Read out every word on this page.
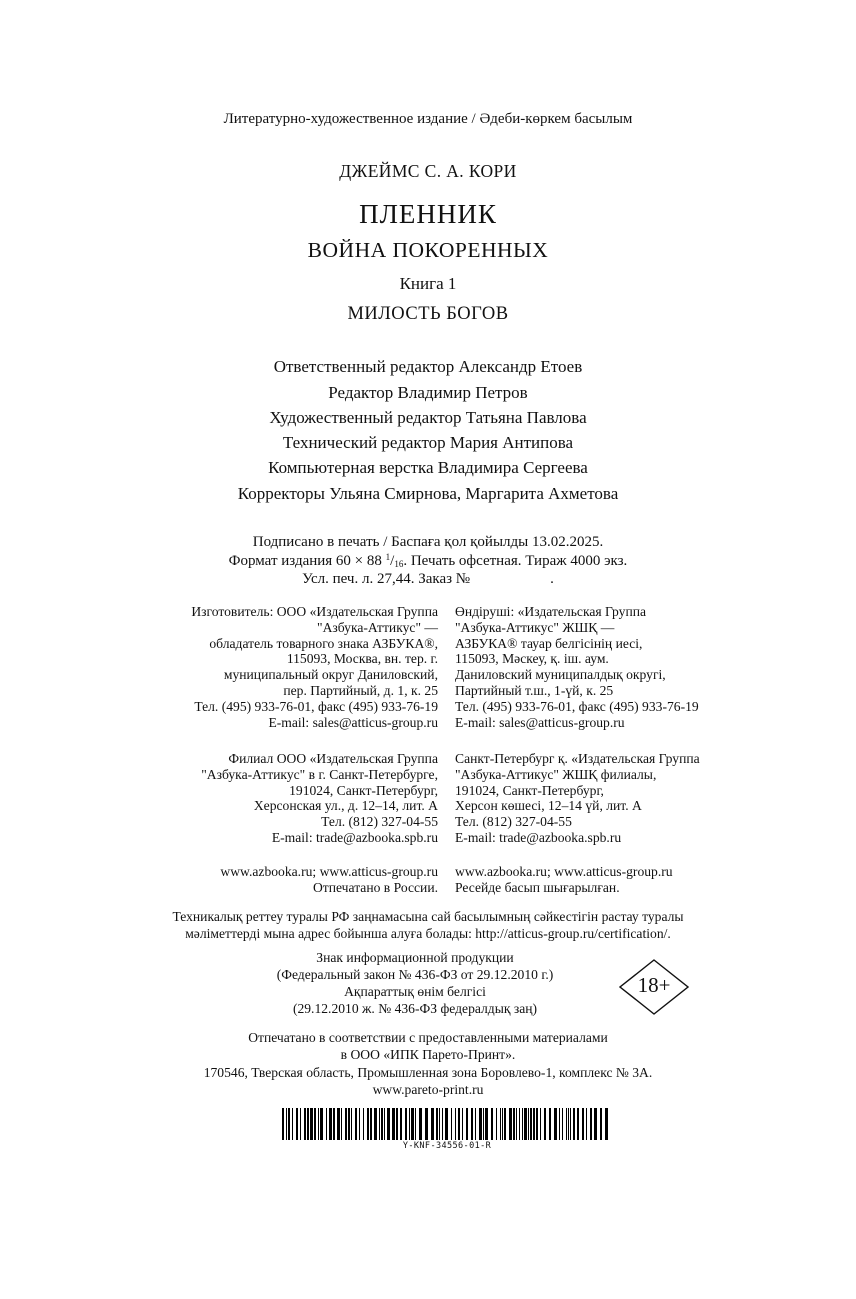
Литературно-художественное издание / Әдеби-көркем басылым
ДЖЕЙМС С. А. КОРИ
ПЛЕННИК
ВОЙНА ПОКОРЕННЫХ
Книга 1
МИЛОСТЬ БОГОВ
Ответственный редактор Александр Етоев
Редактор Владимир Петров
Художественный редактор Татьяна Павлова
Технический редактор Мария Антипова
Компьютерная верстка Владимира Сергеева
Корректоры Ульяна Смирнова, Маргарита Ахметова
Подписано в печать / Баспаға қол қойылды 13.02.2025.
Формат издания 60 × 88 $^1/_{16}$. Печать офсетная. Тираж 4000 экз.
Усл. печ. л. 27,44. Заказ №	.
Изготовитель: ООО «Издательская Группа
"Азбука-Аттикус" —
обладатель товарного знака АЗБУКА®,
115093, Москва, вн. тер. г.
муниципальный округ Даниловский,
пер. Партийный, д. 1, к. 25
Тел. (495) 933-76-01, факс (495) 933-76-19
E-mail: sales@atticus-group.ru
Өндіруші: «Издательская Группа
"Азбука-Аттикус" ЖШҚ —
АЗБУКА® тауар белгісінің иесі,
115093, Мәскеу, қ. іш. аум.
Даниловский муниципалдық округі,
Партийный т.ш., 1-үй, к. 25
Тел. (495) 933-76-01, факс (495) 933-76-19
E-mail: sales@atticus-group.ru
Филиал ООО «Издательская Группа
"Азбука-Аттикус" в г. Санкт-Петербурге,
191024, Санкт-Петербург,
Херсонская ул., д. 12–14, лит. А
Тел. (812) 327-04-55
E-mail: trade@azbooka.spb.ru
Санкт-Петербург қ. «Издательская Группа
"Азбука-Аттикус" ЖШҚ филиалы,
191024, Санкт-Петербург,
Херсон көшесі, 12–14 үй, лит. А
Тел. (812) 327-04-55
E-mail: trade@azbooka.spb.ru
www.azbooka.ru; www.atticus-group.ru
Отпечатано в России.
www.azbooka.ru; www.atticus-group.ru
Ресейде басып шығарылған.
Техникалық реттеу туралы РФ заңнамасына сай басылымның сәйкестігін растау туралы
мәліметтерді мына адрес бойынша алуға болады: http://atticus-group.ru/certification/.
Знак информационной продукции
(Федеральный закон № 436-ФЗ от 29.12.2010 г.)
Ақпараттық өнім белгісі
(29.12.2010 ж. № 436-ФЗ федералдық заң)
18+
Отпечатано в соответствии с предоставленными материалами
в ООО «ИПК Парето-Принт».
170546, Тверская область, Промышленная зона Боровлево-1, комплекс № 3А.
www.pareto-print.ru
Y-KNF-34556-01-R
